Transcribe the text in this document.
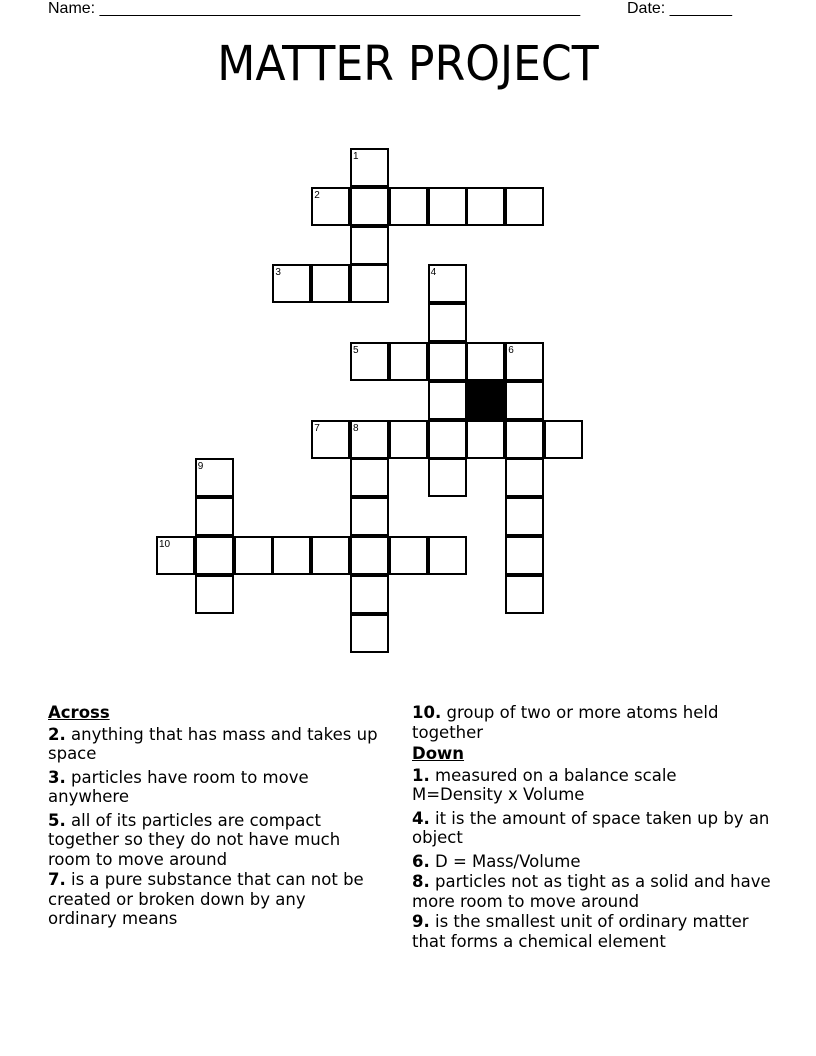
Name: ______________________________________________________	Date: _______
MATTER PROJECT
1
2
3	4
5	6
7	8
9
10
Across
2. anything that has mass and takes up space
3. particles have room to move anywhere
5. all of its particles are compact together so they do not have much room to move around
7. is a pure substance that can not be created or broken down by any ordinary means
10. group of two or more atoms held together
Down
1. measured on a balance scale M=Density x Volume
4. it is the amount of space taken up by an object
6. D = Mass/Volume
8. particles not as tight as a solid and have more room to move around
9. is the smallest unit of ordinary matter that forms a chemical element
